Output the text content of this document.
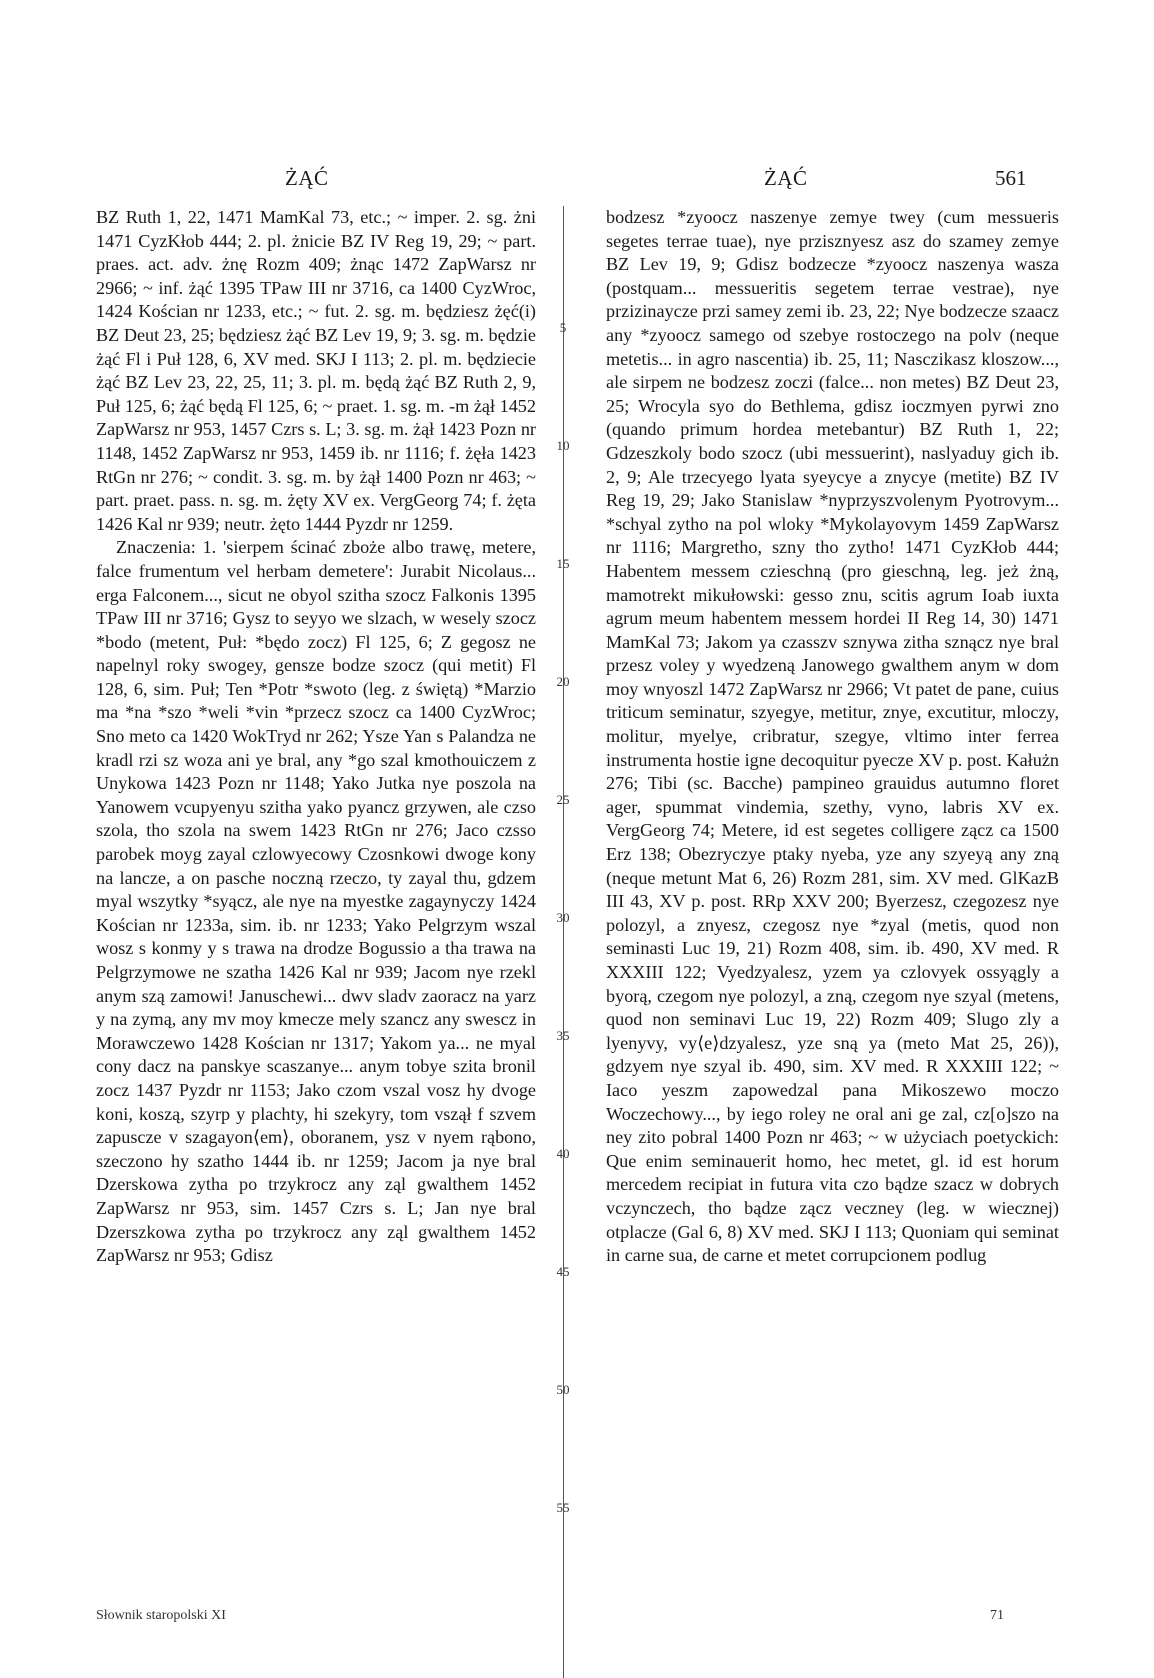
ŻĄĆ	ŻĄĆ	561

BZ Ruth 1, 22, 1471 MamKal 73, etc.; ~ imper. 2. sg. żni 1471 CyzKłob 444; 2. pl. żnicie BZ IV Reg 19, 29; ~ part. praes. act. adv. żnę Rozm 409; żnąc 1472 ZapWarsz nr 2966; ~ inf. żąć 1395 TPaw III nr 3716, ca 1400 CyzWroc, 1424 Kościan nr 1233, etc.; ~ fut. 2. sg. m. będziesz żęć(i) BZ Deut 23, 25; będziesz żąć BZ Lev 19, 9; 3. sg. m. będzie żąć Fl i Puł 128, 6, XV med. SKJ I 113; 2. pl. m. będziecie żąć BZ Lev 23, 22, 25, 11; 3. pl. m. będą żąć BZ Ruth 2, 9, Puł 125, 6; żąć będą Fl 125, 6; ~ praet. 1. sg. m. -m żął 1452 ZapWarsz nr 953, 1457 Czrs s. L; 3. sg. m. żął 1423 Pozn nr 1148, 1452 ZapWarsz nr 953, 1459 ib. nr 1116; f. żęła 1423 RtGn nr 276; ~ condit. 3. sg. m. by żął 1400 Pozn nr 463; ~ part. praet. pass. n. sg. m. żęty XV ex. VergGeorg 74; f. żęta 1426 Kal nr 939; neutr. żęto 1444 Pyzdr nr 1259.

Znaczenia: 1. 'sierpem ścinać zboże albo trawę, metere, falce frumentum vel herbam demetere': Jurabit Nicolaus... erga Falconem..., sicut ne obyol szitha szocz Falkonis 1395 TPaw III nr 3716; Gysz to seyyo we slzach, w wesely szocz *bodo (metent, Puł: *będo zocz) Fl 125, 6; Z gegosz ne napelnyl roky swogey, gensze bodze szocz (qui metit) Fl 128, 6, sim. Puł; Ten *Potr *swoto (leg. z świętą) *Marzio ma *na *szo *weli *vin *przecz szocz ca 1400 CyzWroc; Sno meto ca 1420 WokTryd nr 262; Ysze Yan s Palandza ne kradl rzi sz woza ani ye bral, any *go szal kmothouiczem z Unykowa 1423 Pozn nr 1148; Yako Jutka nye poszola na Yanowem vcupyenyu szitha yako pyancz grzywen, ale czso szola, tho szola na swem 1423 RtGn nr 276; Jaco czsso parobek moyg zayal czlowyecowy Czosnkowi dwoge kony na lancze, a on pasche noczną rzeczo, ty zayal thu, gdzem myal wszytky *syącz, ale nye na myestke zagaynyczy 1424 Kościan nr 1233a, sim. ib. nr 1233; Yako Pelgrzym wszal wosz s konmy y s trawa na drodze Bogussio a tha trawa na Pelgrzymowe ne szatha 1426 Kal nr 939; Jacom nye rzekl anym szą zamowi! Januschewi... dwv sladv zaoracz na yarz y na zymą, any mv moy kmecze mely szancz any swescz in Morawczewo 1428 Kościan nr 1317; Yakom ya... ne myal cony dacz na panskye scaszanye... anym tobye szita bronil zocz 1437 Pyzdr nr 1153; Jako czom vszal vosz hy dvoge koni, koszą, szyrp y plachty, hi szekyry, tom vszął f szvem zapuscze v szagayon⟨em⟩, oboranem, ysz v nyem rąbono, szeczono hy szatho 1444 ib. nr 1259; Jacom ja nye bral Dzerskowa zytha po trzykrocz any ząl gwalthem 1452 ZapWarsz nr 953, sim. 1457 Czrs s. L; Jan nye bral Dzerszkowa zytha po trzykrocz any ząl gwalthem 1452 ZapWarsz nr 953; Gdisz

5
10
15
20
25
30
35
40
45
50
55

bodzesz *zyoocz naszenye zemye twey (cum messueris segetes terrae tuae), nye przisznyesz asz do szamey zemye BZ Lev 19, 9; Gdisz bodzecze *zyoocz naszenya wasza (postquam... messueritis segetem terrae vestrae), nye przizinaycze przi samey zemi ib. 23, 22; Nye bodzecze szaacz any *zyoocz samego od szebye rostoczego na polv (neque metetis... in agro nascentia) ib. 25, 11; Nasczikasz kloszow..., ale sirpem ne bodzesz zoczi (falce... non metes) BZ Deut 23, 25; Wrocyla syo do Bethlema, gdisz ioczmyen pyrwi zno (quando primum hordea metebantur) BZ Ruth 1, 22; Gdzeszkoly bodo szocz (ubi messuerint), naslyaduy gich ib. 2, 9; Ale trzecyego lyata syeycye a znycye (metite) BZ IV Reg 19, 29; Jako Stanislaw *nyprzyszvolenym Pyotrovym... *schyal zytho na pol wloky *Mykolayovym 1459 ZapWarsz nr 1116; Margretho, szny tho zytho! 1471 CyzKłob 444; Habentem messem czieschną (pro gieschną, leg. jeż żną, mamotrekt mikułowski: gesso znu, scitis agrum Ioab iuxta agrum meum habentem messem hordei II Reg 14, 30) 1471 MamKal 73; Jakom ya czasszv sznywa zitha sznącz nye bral przesz voley y wyedzeną Janowego gwalthem anym w dom moy wnyoszl 1472 ZapWarsz nr 2966; Vt patet de pane, cuius triticum seminatur, szyegye, metitur, znye, excutitur, mloczy, molitur, myelye, cribratur, szegye, vltimo inter ferrea instrumenta hostie igne decoquitur pyecze XV p. post. Kałużn 276; Tibi (sc. Bacche) pampineo grauidus autumno floret ager, spummat vindemia, szethy, vyno, labris XV ex. VergGeorg 74; Metere, id est segetes colligere zącz ca 1500 Erz 138; Obezryczye ptaky nyeba, yze any szyeyą any zną (neque metunt Mat 6, 26) Rozm 281, sim. XV med. GlKazB III 43, XV p. post. RRp XXV 200; Byerzesz, czegozesz nye polozyl, a znyesz, czegosz nye *zyal (metis, quod non seminasti Luc 19, 21) Rozm 408, sim. ib. 490, XV med. R XXXIII 122; Vyedzyalesz, yzem ya czlovyek ossyągly a byorą, czegom nye polozyl, a zną, czegom nye szyal (metens, quod non seminavi Luc 19, 22) Rozm 409; Slugo zly a lyenyvy, vy⟨e⟩dzyalesz, yze sną ya (meto Mat 25, 26)), gdzyem nye szyal ib. 490, sim. XV med. R XXXIII 122; ~ Iaco yeszm zapowedzal pana Mikoszewo moczo Woczechowy..., by iego roley ne oral ani ge zal, cz[o]szo na ney zito pobral 1400 Pozn nr 463; ~ w użyciach poetyckich: Que enim seminauerit homo, hec metet, gl. id est horum mercedem recipiat in futura vita czo bądze szacz w dobrych vczynczech, tho bądze zącz veczney (leg. w wiecznej) otplacze (Gal 6, 8) XV med. SKJ I 113; Quoniam qui seminat in carne sua, de carne et metet corrupcionem podlug

Słownik staropolski XI	71
